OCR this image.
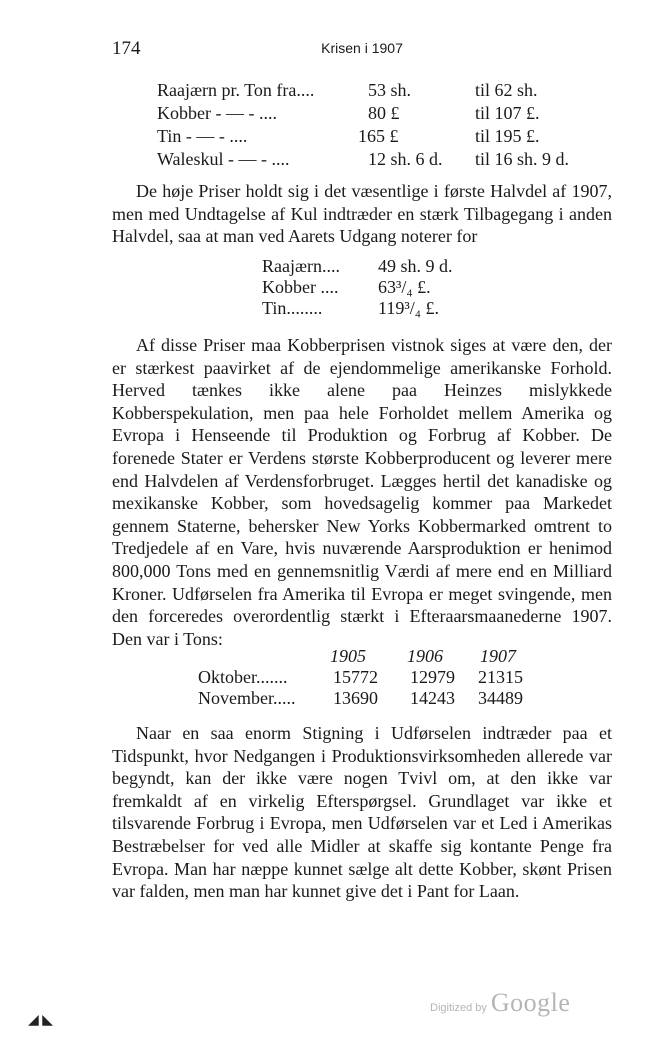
174	Krisen i 1907
Raajærn pr. Ton fra....	53 sh.	til 62 sh.
Kobber - — - ....	80 £	til 107 £.
Tin - — - ....	165 £	til 195 £.
Waleskul - — - ....	12 sh. 6 d. til 16 sh. 9 d.

De høje Priser holdt sig i det væsentlige i første Halvdel af 1907, men med Undtagelse af Kul indtræder en stærk Tilbagegang i anden Halvdel, saa at man ved Aarets Udgang noterer for

Raajærn.... 49 sh. 9 d.
Kobber .... 63³/₄ £.
Tin........	119³/₄ £.

Af disse Priser maa Kobberprisen vistnok siges at være den, der er stærkest paavirket af de ejendommelige amerikanske Forhold. Herved tænkes ikke alene paa Heinzes mislykkede Kobberspekulation, men paa hele Forholdet mellem Amerika og Evropa i Henseende til Produktion og Forbrug af Kobber. De forenede Stater er Verdens største Kobberproducent og leverer mere end Halvdelen af Verdensforbruget. Lægges hertil det kanadiske og mexikanske Kobber, som hovedsagelig kommer paa Markedet gennem Staterne, behersker New Yorks Kobbermarked omtrent to Tredjedele af en Vare, hvis nuværende Aarsproduktion er henimod 800,000 Tons med en gennemsnitlig Værdi af mere end en Milliard Kroner. Udførselen fra Amerika til Evropa er meget svingende, men den forceredes overordentlig stærkt i Efteraarsmaanederne 1907. Den var i Tons:

1905 1906 1907
Oktober.......	15772 12979 21315
November..... 13690 14243 34489

Naar en saa enorm Stigning i Udførselen indtræder paa et Tidspunkt, hvor Nedgangen i Produktionsvirksomheden allerede var begyndt, kan der ikke være nogen Tvivl om, at den ikke var fremkaldt af en virkelig Efterspørgsel. Grundlaget var ikke et tilsvarende Forbrug i Evropa, men Udførselen var et Led i Amerikas Bestræbelser for ved alle Midler at skaffe sig kontante Penge fra Evropa. Man har næppe kunnet sælge alt dette Kobber, skønt Prisen var falden, men man har kunnet give det i Pant for Laan.

◢ ◣
Digitized by Google
